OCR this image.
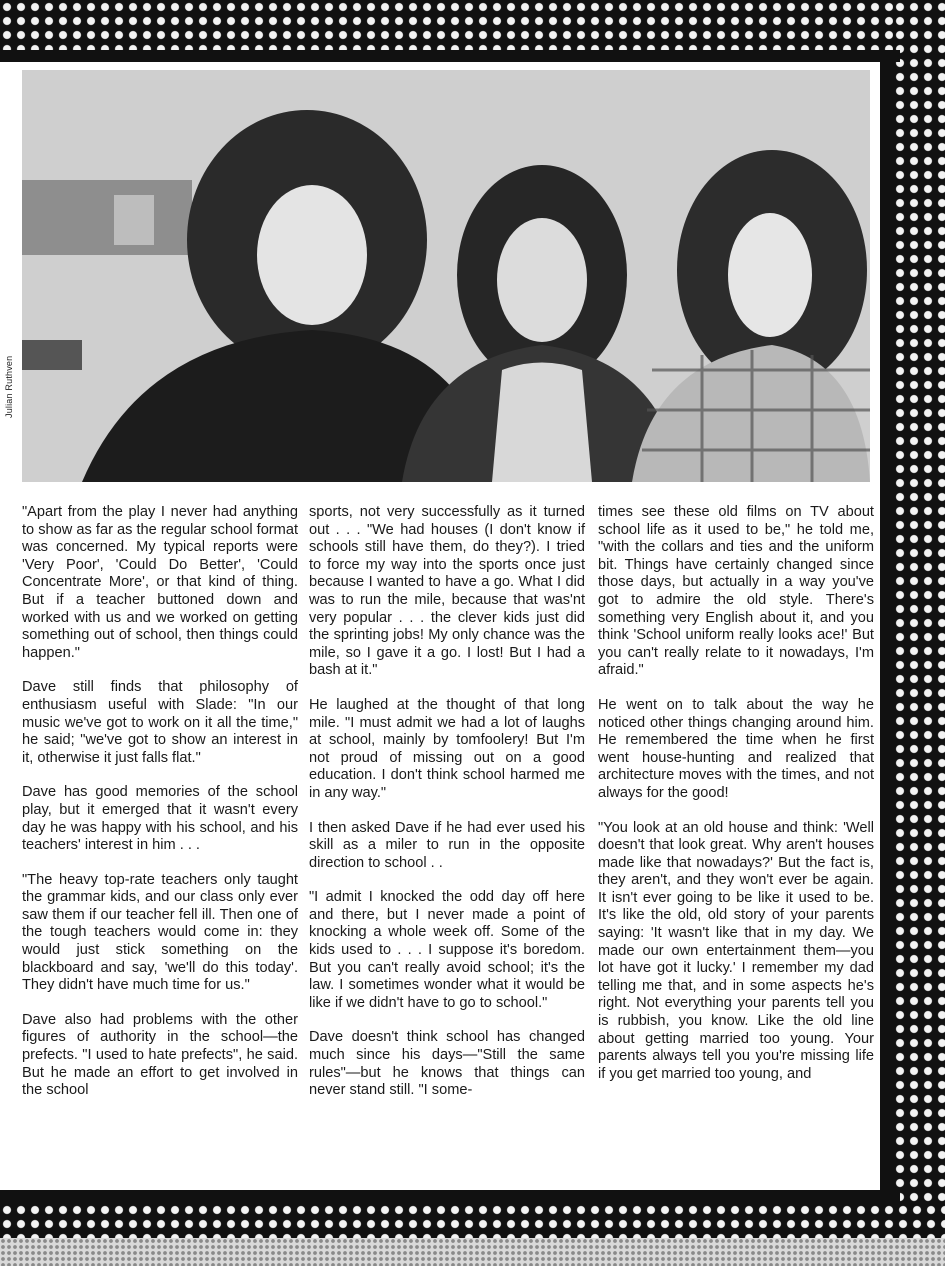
Julian Ruthven

"Apart from the play I never had anything to show as far as the regular school format was concerned. My typical reports were 'Very Poor', 'Could Do Better', 'Could Concentrate More', or that kind of thing. But if a teacher buttoned down and worked with us and we worked on getting something out of school, then things could happen."

Dave still finds that philosophy of enthusiasm useful with Slade: "In our music we've got to work on it all the time," he said; "we've got to show an interest in it, otherwise it just falls flat."

Dave has good memories of the school play, but it emerged that it wasn't every day he was happy with his school, and his teachers' interest in him . . .

"The heavy top-rate teachers only taught the grammar kids, and our class only ever saw them if our teacher fell ill. Then one of the tough teachers would come in: they would just stick something on the blackboard and say, 'we'll do this today'. They didn't have much time for us."

Dave also had problems with the other figures of authority in the school—the prefects. "I used to hate prefects", he said. But he made an effort to get involved in the school

sports, not very successfully as it turned out . . . "We had houses (I don't know if schools still have them, do they?). I tried to force my way into the sports once just because I wanted to have a go. What I did was to run the mile, because that was'nt very popular . . . the clever kids just did the sprinting jobs! My only chance was the mile, so I gave it a go. I lost! But I had a bash at it."

He laughed at the thought of that long mile. "I must admit we had a lot of laughs at school, mainly by tomfoolery! But I'm not proud of missing out on a good education. I don't think school harmed me in any way."

I then asked Dave if he had ever used his skill as a miler to run in the opposite direction to school . .

"I admit I knocked the odd day off here and there, but I never made a point of knocking a whole week off. Some of the kids used to . . . I suppose it's boredom. But you can't really avoid school; it's the law. I sometimes wonder what it would be like if we didn't have to go to school."

Dave doesn't think school has changed much since his days—"Still the same rules"—but he knows that things can never stand still. "I some-

times see these old films on TV about school life as it used to be," he told me, "with the collars and ties and the uniform bit. Things have certainly changed since those days, but actually in a way you've got to admire the old style. There's something very English about it, and you think 'School uniform really looks ace!' But you can't really relate to it nowadays, I'm afraid."

He went on to talk about the way he noticed other things changing around him. He remembered the time when he first went house-hunting and realized that architecture moves with the times, and not always for the good!

"You look at an old house and think: 'Well doesn't that look great. Why aren't houses made like that nowadays?' But the fact is, they aren't, and they won't ever be again. It isn't ever going to be like it used to be. It's like the old, old story of your parents saying: 'It wasn't like that in my day. We made our own entertainment them—you lot have got it lucky.' I remember my dad telling me that, and in some aspects he's right. Not everything your parents tell you is rubbish, you know. Like the old line about getting married too young. Your parents always tell you you're missing life if you get married too young, and
